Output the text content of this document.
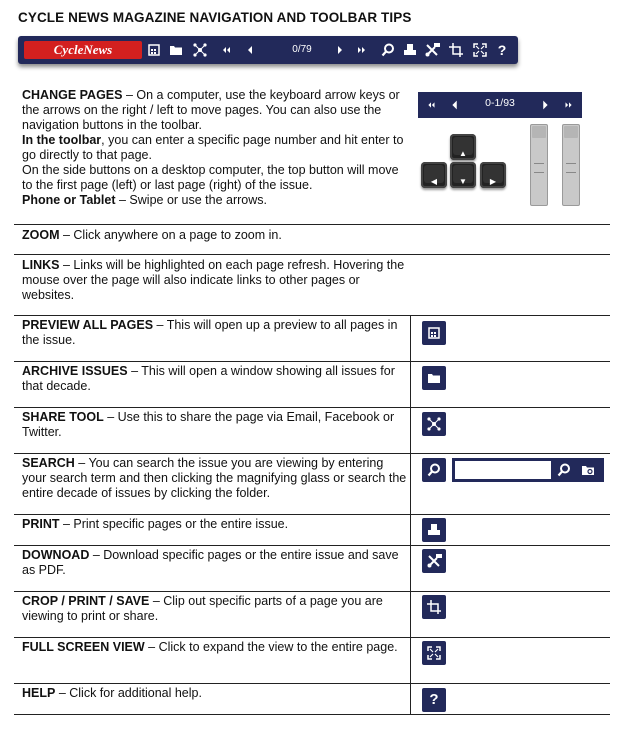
CYCLE NEWS MAGAZINE NAVIGATION AND TOOLBAR TIPS
CycleNews	0/79	?
CHANGE PAGES – On a computer, use the keyboard arrow keys or the arrows on the right / left to move pages. You can also use the navigation buttons in the toolbar.
In the toolbar, you can enter a specific page number and hit enter to go directly to that page.
On the side buttons on a desktop computer, the top button will move to the first page (left) or last page (right) of the issue.
Phone or Tablet – Swipe or use the arrows.
0-1/93
▲
◀	▼	▶
ZOOM – Click anywhere on a page to zoom in.
LINKS – Links will be highlighted on each page refresh. Hovering the mouse over the page will also indicate links to other pages or websites.
PREVIEW ALL PAGES – This will open up a preview to all pages in the issue.
ARCHIVE ISSUES – This will open a window showing all issues for that decade.
SHARE TOOL – Use this to share the page via Email, Facebook or Twitter.
SEARCH – You can search the issue you are viewing by entering your search term and then clicking the magnifying glass or search the entire decade of issues by clicking the folder.
PRINT – Print specific pages or the entire issue.
DOWNOAD – Download specific pages or the entire issue and save as PDF.
CROP / PRINT / SAVE – Clip out specific parts of a page you are viewing to print or share.
FULL SCREEN VIEW – Click to expand the view to the entire page.
HELP – Click for additional help.	?
